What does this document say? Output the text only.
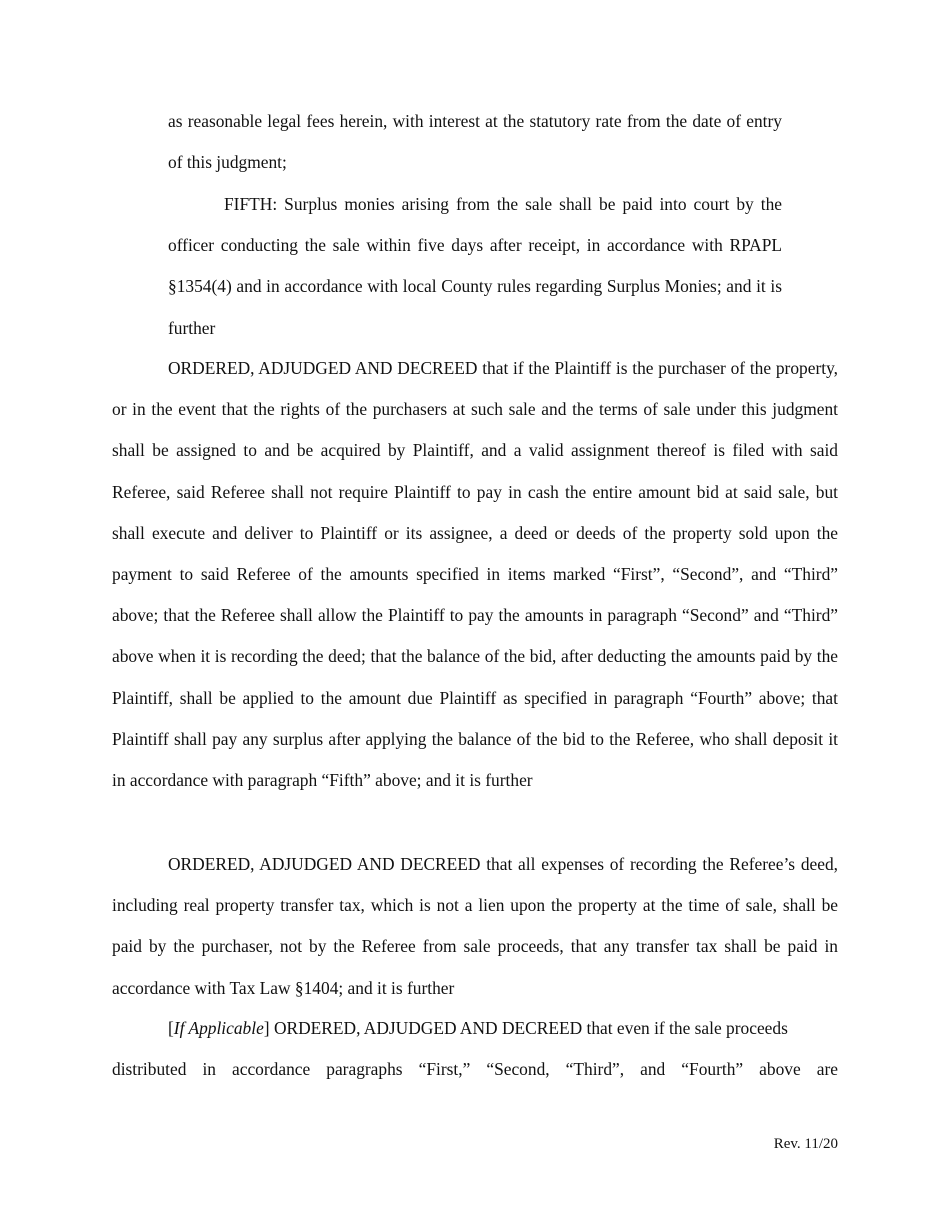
as reasonable legal fees herein, with interest at the statutory rate from the date of entry of this judgment;

FIFTH: Surplus monies arising from the sale shall be paid into court by the officer conducting the sale within five days after receipt, in accordance with RPAPL §1354(4) and in accordance with local County rules regarding Surplus Monies; and it is further

ORDERED, ADJUDGED AND DECREED that if the Plaintiff is the purchaser of the property, or in the event that the rights of the purchasers at such sale and the terms of sale under this judgment shall be assigned to and be acquired by Plaintiff, and a valid assignment thereof is filed with said Referee, said Referee shall not require Plaintiff to pay in cash the entire amount bid at said sale, but shall execute and deliver to Plaintiff or its assignee, a deed or deeds of the property sold upon the payment to said Referee of the amounts specified in items marked “First”, “Second”, and “Third” above; that the Referee shall allow the Plaintiff to pay the amounts in paragraph “Second” and “Third” above when it is recording the deed; that the balance of the bid, after deducting the amounts paid by the Plaintiff, shall be applied to the amount due Plaintiff as specified in paragraph “Fourth” above; that Plaintiff shall pay any surplus after applying the balance of the bid to the Referee, who shall deposit it in accordance with paragraph “Fifth” above; and it is further

ORDERED, ADJUDGED AND DECREED that all expenses of recording the Referee’s deed, including real property transfer tax, which is not a lien upon the property at the time of sale, shall be paid by the purchaser, not by the Referee from sale proceeds, that any transfer tax shall be paid in accordance with Tax Law §1404; and it is further

[If Applicable] ORDERED, ADJUDGED AND DECREED that even if the sale proceeds

distributed in accordance paragraphs “First,” “Second, “Third”, and “Fourth” above are

Rev. 11/20
